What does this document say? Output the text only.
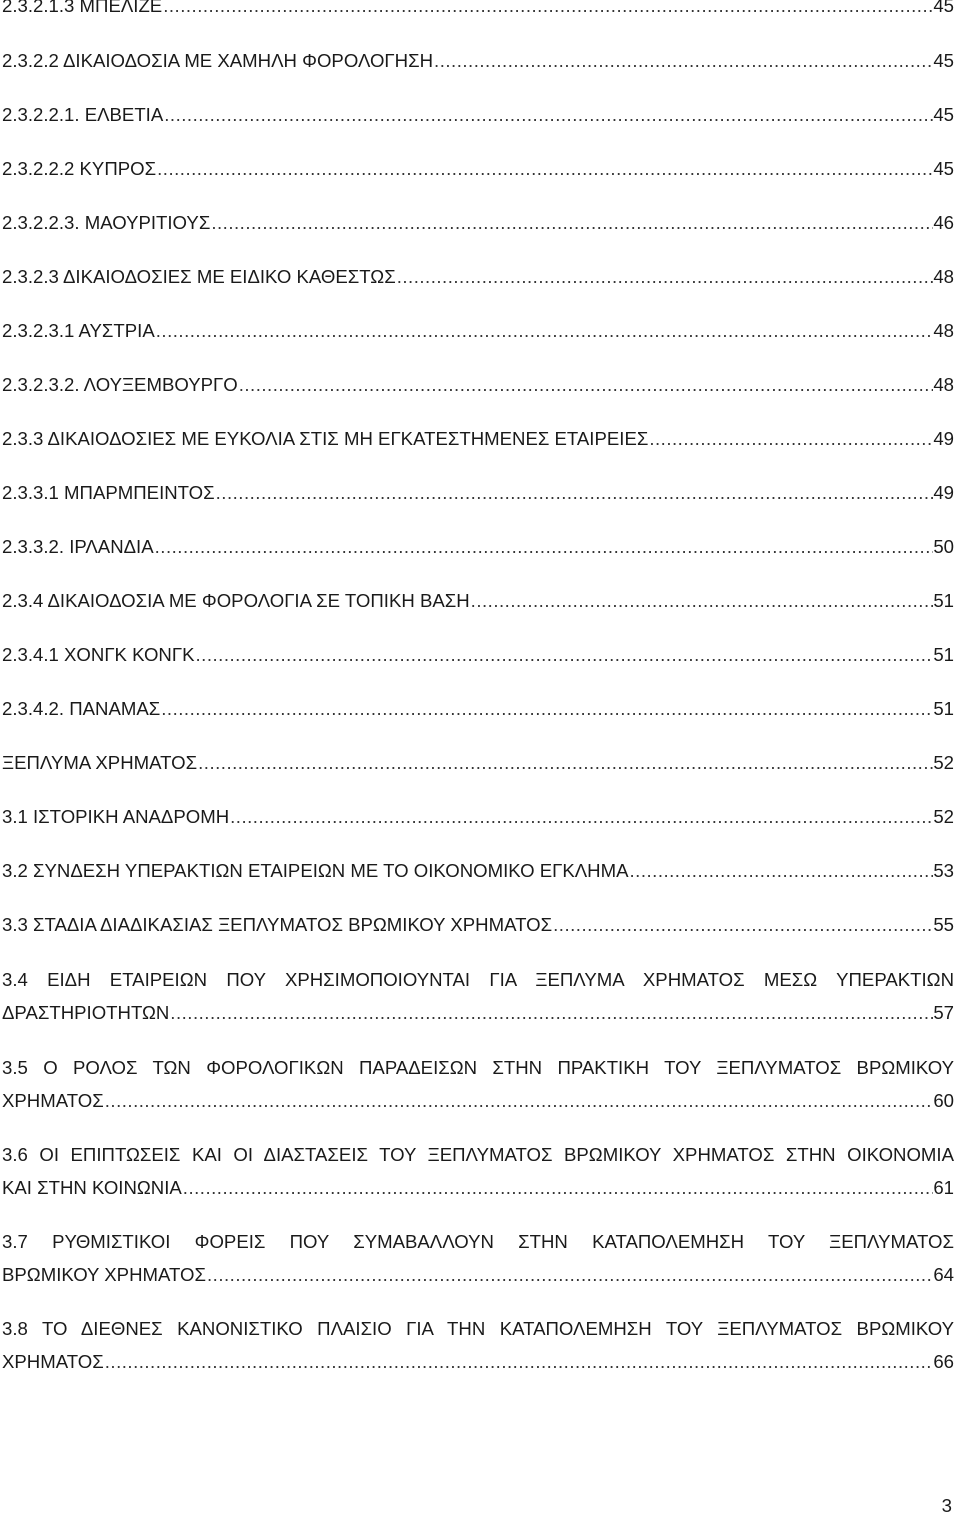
2.3.2.1.3 ΜΠΕΛΙΖΕ .....	45
2.3.2.2 ΔΙΚΑΙΟΔΟΣΙΑ ΜΕ ΧΑΜΗΛΗ ΦΟΡΟΛΟΓΗΣΗ .....	45
2.3.2.2.1. ΕΛΒΕΤΙΑ .....	45
2.3.2.2.2 ΚΥΠΡΟΣ .....	45
2.3.2.2.3. ΜΑΟΥΡΙΤΙΟΥΣ .....	46
2.3.2.3 ΔΙΚΑΙΟΔΟΣΙΕΣ ΜΕ ΕΙΔΙΚΟ ΚΑΘΕΣΤΩΣ .....	48
2.3.2.3.1 ΑΥΣΤΡΙΑ .....	48
2.3.2.3.2. ΛΟΥΞΕΜΒΟΥΡΓΟ .....	48
2.3.3 ΔΙΚΑΙΟΔΟΣΙΕΣ ΜΕ ΕΥΚΟΛΙΑ ΣΤΙΣ ΜΗ ΕΓΚΑΤΕΣΤΗΜΕΝΕΣ ΕΤΑΙΡΕΙΕΣ .....	49
2.3.3.1 ΜΠΑΡΜΠΕΙΝΤΟΣ .....	49
2.3.3.2. ΙΡΛΑΝΔΙΑ .....	50
2.3.4 ΔΙΚΑΙΟΔΟΣΙΑ ΜΕ ΦΟΡΟΛΟΓΙΑ ΣΕ ΤΟΠΙΚΗ ΒΑΣΗ .....	51
2.3.4.1 ΧΟΝΓΚ ΚΟΝΓΚ .....	51
2.3.4.2. ΠΑΝΑΜΑΣ .....	51
ΞΕΠΛΥΜΑ ΧΡΗΜΑΤΟΣ .....	52
3.1 ΙΣΤΟΡΙΚΗ ΑΝΑΔΡΟΜΗ .....	52
3.2 ΣΥΝΔΕΣΗ ΥΠΕΡΑΚΤΙΩΝ ΕΤΑΙΡΕΙΩΝ ΜΕ ΤΟ ΟΙΚΟΝΟΜΙΚΟ ΕΓΚΛΗΜΑ .....	53
3.3 ΣΤΑΔΙΑ ΔΙΑΔΙΚΑΣΙΑΣ ΞΕΠΛΥΜΑΤΟΣ ΒΡΩΜΙΚΟΥ ΧΡΗΜΑΤΟΣ .....	55
3.4 ΕΙΔΗ ΕΤΑΙΡΕΙΩΝ ΠΟΥ ΧΡΗΣΙΜΟΠΟΙΟΥΝΤΑΙ ΓΙΑ ΞΕΠΛΥΜΑ ΧΡΗΜΑΤΟΣ ΜΕΣΩ ΥΠΕΡΑΚΤΙΩΝ
ΔΡΑΣΤΗΡΙΟΤΗΤΩΝ .....	57
3.5 Ο ΡΟΛΟΣ ΤΩΝ ΦΟΡΟΛΟΓΙΚΩΝ ΠΑΡΑΔΕΙΣΩΝ ΣΤΗΝ ΠΡΑΚΤΙΚΗ ΤΟΥ ΞΕΠΛΥΜΑΤΟΣ ΒΡΩΜΙΚΟΥ
ΧΡΗΜΑΤΟΣ .....	60
3.6 ΟΙ ΕΠΙΠΤΩΣΕΙΣ ΚΑΙ ΟΙ ΔΙΑΣΤΑΣΕΙΣ ΤΟΥ ΞΕΠΛΥΜΑΤΟΣ ΒΡΩΜΙΚΟΥ ΧΡΗΜΑΤΟΣ ΣΤΗΝ ΟΙΚΟΝΟΜΙΑ
ΚΑΙ ΣΤΗΝ ΚΟΙΝΩΝΙΑ .....	61
3.7 ΡΥΘΜΙΣΤΙΚΟΙ ΦΟΡΕΙΣ ΠΟΥ ΣΥΜΑΒΑΛΛΟΥΝ ΣΤΗΝ ΚΑΤΑΠΟΛΕΜΗΣΗ ΤΟΥ ΞΕΠΛΥΜΑΤΟΣ
ΒΡΩΜΙΚΟΥ ΧΡΗΜΑΤΟΣ .....	64
3.8 ΤΟ ΔΙΕΘΝΕΣ ΚΑΝΟΝΙΣΤΙΚΟ ΠΛΑΙΣΙΟ ΓΙΑ ΤΗΝ ΚΑΤΑΠΟΛΕΜΗΣΗ ΤΟΥ ΞΕΠΛΥΜΑΤΟΣ ΒΡΩΜΙΚΟΥ
ΧΡΗΜΑΤΟΣ .....	66
3
